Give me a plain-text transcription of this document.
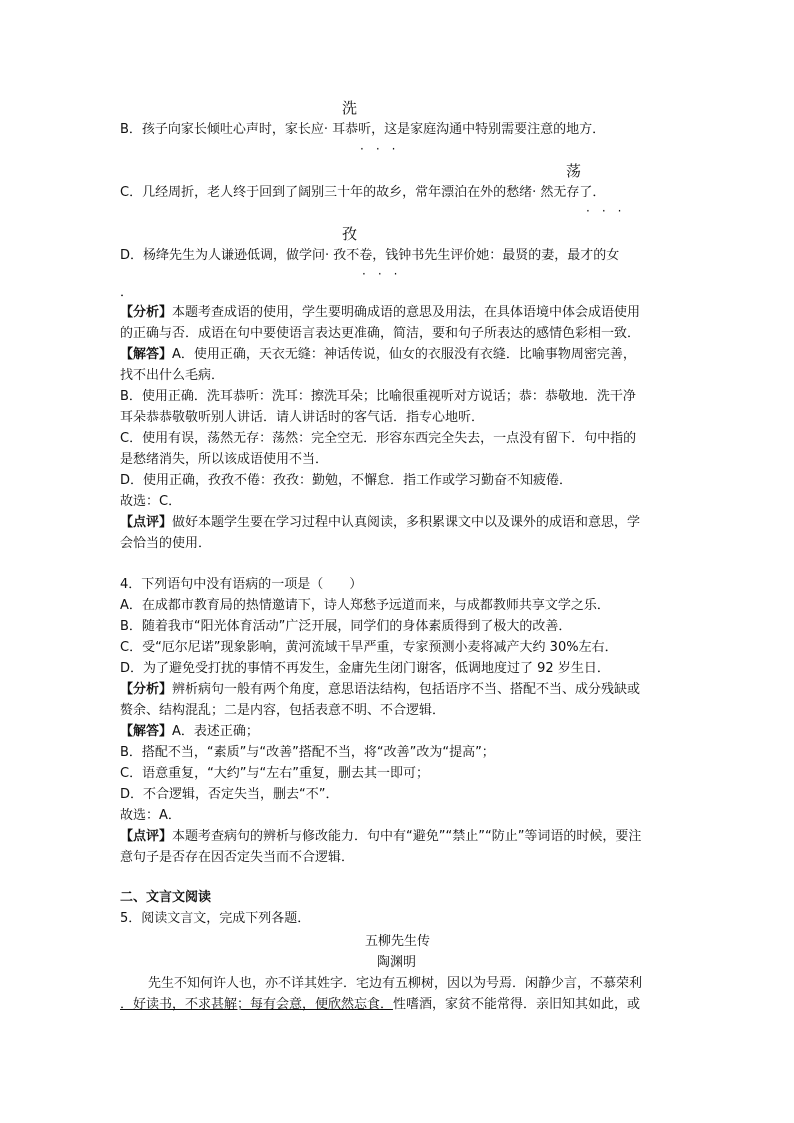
洗
B．孩子向家长倾吐心声时，家长应· 耳恭听，这是家庭沟通中特别需要注意的地方．
···
荡
C．几经周折，老人终于回到了阔别三十年的故乡，常年漂泊在外的愁绪· 然无存了．
···
孜
D．杨绛先生为人谦逊低调，做学问· 孜不卷，钱钟书先生评价她：最贤的妻，最才的女
···
．
【分析】本题考查成语的使用，学生要明确成语的意思及用法，在具体语境中体会成语使用
的正确与否．成语在句中要使语言表达更准确，简洁，要和句子所表达的感情色彩相一致．
【解答】A．使用正确，天衣无缝：神话传说，仙女的衣服没有衣缝．比喻事物周密完善，
找不出什么毛病．
B．使用正确．洗耳恭听：洗耳：擦洗耳朵；比喻很重视听对方说话；恭：恭敬地．洗干净
耳朵恭恭敬敬听别人讲话．请人讲话时的客气话．指专心地听．
C．使用有误，荡然无存：荡然：完全空无．形容东西完全失去，一点没有留下．句中指的
是愁绪消失，所以该成语使用不当．
D．使用正确，孜孜不倦：孜孜：勤勉，不懈怠．指工作或学习勤奋不知疲倦．
故选：C．
【点评】做好本题学生要在学习过程中认真阅读，多积累课文中以及课外的成语和意思，学
会恰当的使用．
4．下列语句中没有语病的一项是（　　）
A．在成都市教育局的热情邀请下，诗人郑愁予远道而来，与成都教师共享文学之乐．
B．随着我市“阳光体育活动”广泛开展，同学们的身体素质得到了极大的改善．
C．受“厄尔尼诺”现象影响，黄河流域干旱严重，专家预测小麦将减产大约 30%左右．
D．为了避免受打扰的事情不再发生，金庸先生闭门谢客，低调地度过了 92 岁生日．
【分析】辨析病句一般有两个角度，意思语法结构，包括语序不当、搭配不当、成分残缺或
赘余、结构混乱；二是内容，包括表意不明、不合逻辑．
【解答】A．表述正确；
B．搭配不当，“素质”与“改善”搭配不当，将“改善”改为“提高”；
C．语意重复，“大约”与“左右”重复，删去其一即可；
D．不合逻辑，否定失当，删去“不”．
故选：A．
【点评】本题考查病句的辨析与修改能力．句中有“避免”“禁止”“防止”等词语的时候，要注
意句子是否存在因否定失当而不合逻辑．
二、文言文阅读
5．阅读文言文，完成下列各题．
五柳先生传
陶渊明
先生不知何许人也，亦不详其姓字．宅边有五柳树，因以为号焉．闲静少言，不慕荣利
．好读书，不求甚解；每有会意，便欣然忘食．性嗜酒，家贫不能常得．亲旧知其如此，或
